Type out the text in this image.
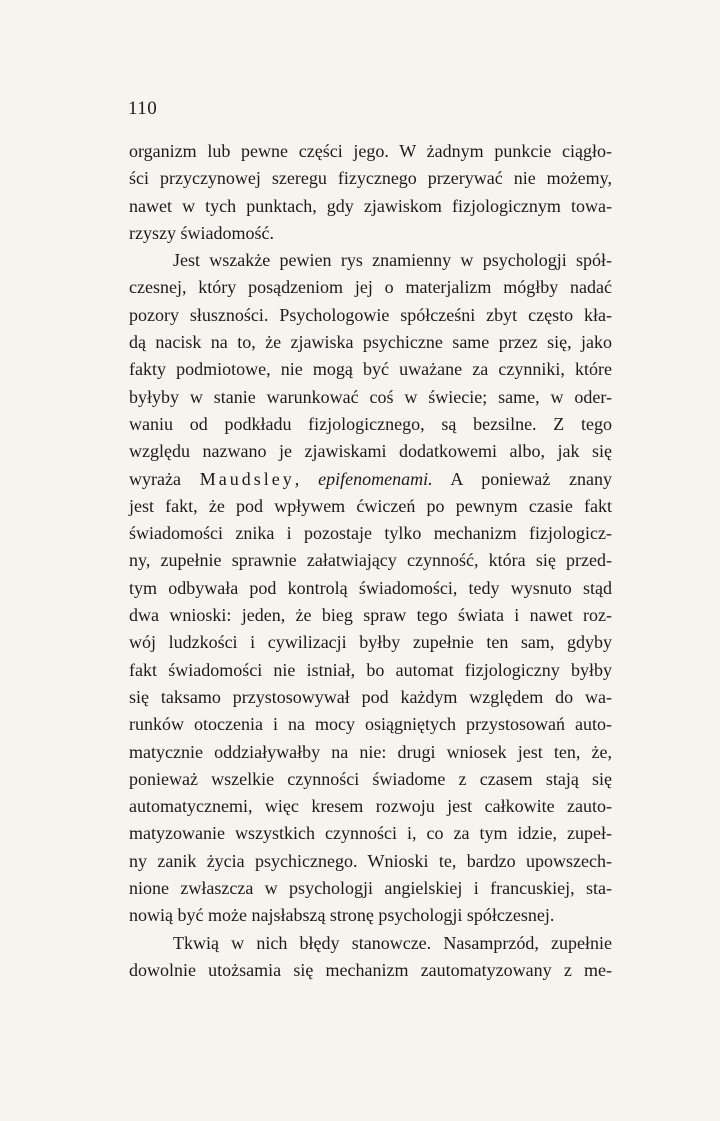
110
organizm lub pewne części jego. W żadnym punkcie ciągło-
ści przyczynowej szeregu fizycznego przerywać nie możemy,
nawet w tych punktach, gdy zjawiskom fizjologicznym towa-
rzyszy świadomość.
Jest wszakże pewien rys znamienny w psychologji spół-
czesnej, który posądzeniom jej o materjalizm mógłby nadać
pozory słuszności. Psychologowie spółcześni zbyt często kła-
dą nacisk na to, że zjawiska psychiczne same przez się, jako
fakty podmiotowe, nie mogą być uważane za czynniki, które
byłyby w stanie warunkować coś w świecie; same, w oder-
waniu od podkładu fizjologicznego, są bezsilne. Z tego
względu nazwano je zjawiskami dodatkowemi albo, jak się
wyraża Maudsley, epifenomenami. A ponieważ znany
jest fakt, że pod wpływem ćwiczeń po pewnym czasie fakt
świadomości znika i pozostaje tylko mechanizm fizjologicz-
ny, zupełnie sprawnie załatwiający czynność, która się przed-
tym odbywała pod kontrolą świadomości, tedy wysnuto stąd
dwa wnioski: jeden, że bieg spraw tego świata i nawet roz-
wój ludzkości i cywilizacji byłby zupełnie ten sam, gdyby
fakt świadomości nie istniał, bo automat fizjologiczny byłby
się taksamo przystosowywał pod każdym względem do wa-
runków otoczenia i na mocy osiągniętych przystosowań auto-
matycznie oddziaływałby na nie: drugi wniosek jest ten, że,
ponieważ wszelkie czynności świadome z czasem stają się
automatycznemi, więc kresem rozwoju jest całkowite zauto-
matyzowanie wszystkich czynności i, co za tym idzie, zupeł-
ny zanik życia psychicznego. Wnioski te, bardzo upowszech-
nione zwłaszcza w psychologji angielskiej i francuskiej, sta-
nowią być może najsłabszą stronę psychologji spółczesnej.
Tkwią w nich błędy stanowcze. Nasamprzód, zupełnie
dowolnie utożsamia się mechanizm zautomatyzowany z me-
